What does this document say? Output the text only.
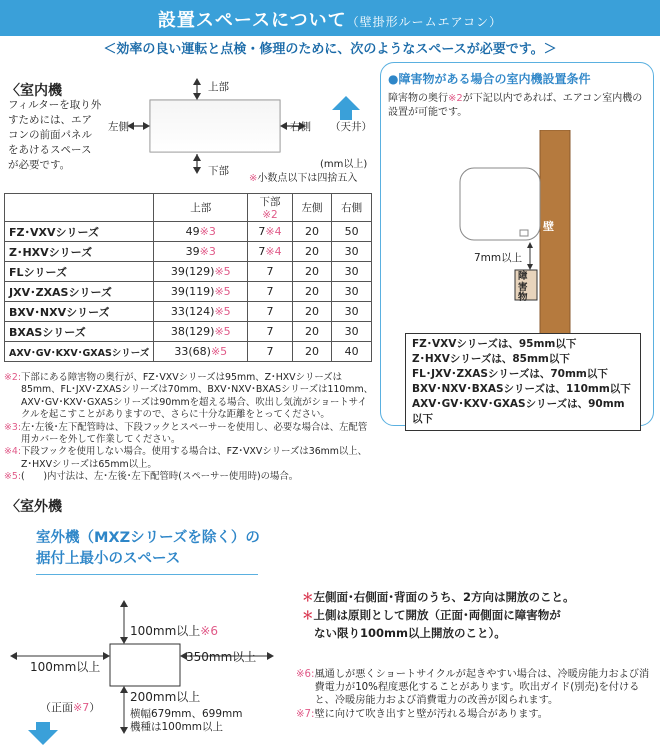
設置スペースについて（壁掛形ルームエアコン）
＜効率の良い運転と点検・修理のために、次のようなスペースが必要です。＞
〈室内機
フィルターを取り外
すためには、エア
コンの前面パネル
をあけるスペース
が必要です。
上部
下部
左側	右側 （天井）
(mm以上)
※小数点以下は四捨五入
	上部	下部※2	左側	右側
FZ･VXVシリーズ	49※3	7※4	20	50
Z･HXVシリーズ	39※3	7※4	20	30
FLシリーズ	39(129)※5	7	20	30
JXV･ZXASシリーズ	39(119)※5	7	20	30
BXV･NXVシリーズ	33(124)※5	7	20	30
BXASシリーズ	38(129)※5	7	20	30
AXV･GV･KXV･GXASシリーズ	33(68)※5	7	20	40
※2: 下部にある障害物の奥行が、FZ･VXVシリーズは95mm、Z･HXVシリーズは85mm、FL･JXV･ZXASシリーズは70mm、BXV･NXV･BXASシリーズは110mm、AXV･GV･KXV･GXASシリーズは90mmを超える場合、吹出し気流がショートサイクルを起こすことがありますので、さらに十分な距離をとってください。
※3: 左･左後･左下配管時は、下段フックとスペーサーを使用し、必要な場合は、左配管用カバーを外して作業してください。
※4: 下段フックを使用しない場合。使用する場合は、FZ･VXVシリーズは36mm以上、Z･HXVシリーズは65mm以上。
※5: (　　)内寸法は、左･左後･左下配管時(スペーサー使用時)の場合。
●障害物がある場合の室内機設置条件
障害物の奥行※2が下記以内であれば、エアコン室内機の設置が可能です。
壁
7mm以上
障害物
FZ･VXVシリーズは、95mm以下
Z･HXVシリーズは、85mm以下
FL･JXV･ZXASシリーズは、70mm以下
BXV･NXV･BXASシリーズは、110mm以下
AXV･GV･KXV･GXASシリーズは、90mm以下
〈室外機
室外機（MXZシリーズを除く）の
据付上最小のスペース
100mm以上※6
100mm以上
350mm以上
200mm以上
（正面※7）	横幅679mm、699mm
機種は100mm以上
＊左側面･右側面･背面のうち、2方向は開放のこと。
＊上側は原則として開放（正面･両側面に障害物が
ない限り100mm以上開放のこと）。
※6: 風通しが悪くショートサイクルが起きやすい場合は、冷暖房能力および消費電力が10%程度悪化することがあります。吹出ガイド(別売)を付けると、冷暖房能力および消費電力の改善が図られます。
※7: 壁に向けて吹き出すと壁が汚れる場合があります。
